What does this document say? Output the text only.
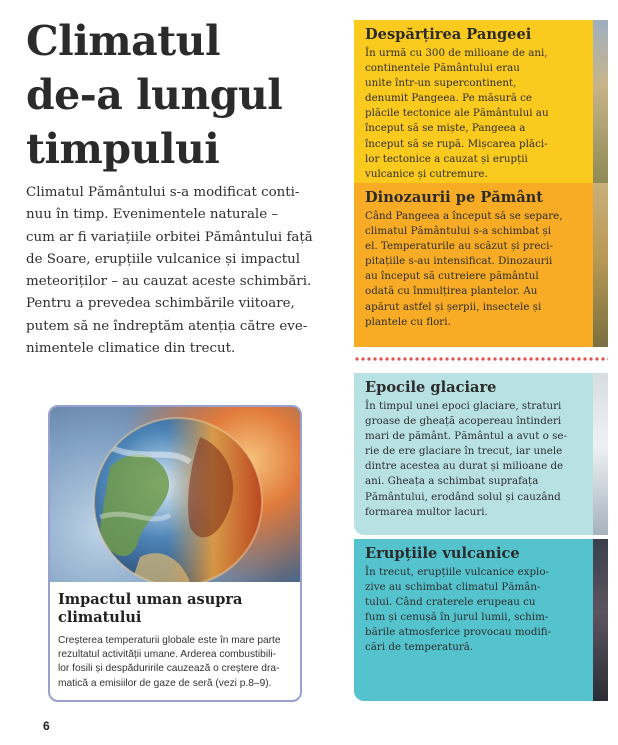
Climatul
de-a lungul
timpului
Climatul Pământului s-a modificat conti-
nuu în timp. Evenimentele naturale –
cum ar fi variațiile orbitei Pământului față
de Soare, erupțiile vulcanice și impactul
meteoriților – au cauzat aceste schimbări.
Pentru a prevedea schimbările viitoare,
putem să ne îndreptăm atenția către eve-
nimentele climatice din trecut.
Impactul uman asupra
climatului
Creșterea temperaturii globale este în mare parte
rezultatul activității umane. Arderea combustibili-
lor fosili și despăduririle cauzează o creștere dra-
matică a emisiilor de gaze de seră (vezi p.8–9).
6
Despărțirea Pangeei
În urmă cu 300 de milioane de ani,
continentele Pământului erau
unite într-un supercontinent,
denumit Pangeea. Pe măsură ce
plăcile tectonice ale Pământului au
început să se miște, Pangeea a
început să se rupă. Mișcarea plăci-
lor tectonice a cauzat și erupții
vulcanice și cutremure.
Dinozaurii pe Pământ
Când Pangeea a început să se separe,
climatul Pământului s-a schimbat și
el. Temperaturile au scăzut și preci-
pitațiile s-au intensificat. Dinozaurii
au început să cutreiere pământul
odată cu înmulțirea plantelor. Au
apărut astfel și șerpii, insectele și
plantele cu flori.
Epocile glaciare
În timpul unei epoci glaciare, straturi
groase de gheață acopereau întinderi
mari de pământ. Pământul a avut o se-
rie de ere glaciare în trecut, iar unele
dintre acestea au durat și milioane de
ani. Gheața a schimbat suprafața
Pământului, erodând solul și cauzând
formarea multor lacuri.
Erupțiile vulcanice
În trecut, erupțiile vulcanice explo-
zive au schimbat climatul Pămân-
tului. Când craterele erupeau cu
fum și cenușă în jurul lumii, schim-
bările atmosferice provocau modifi-
cări de temperatură.
